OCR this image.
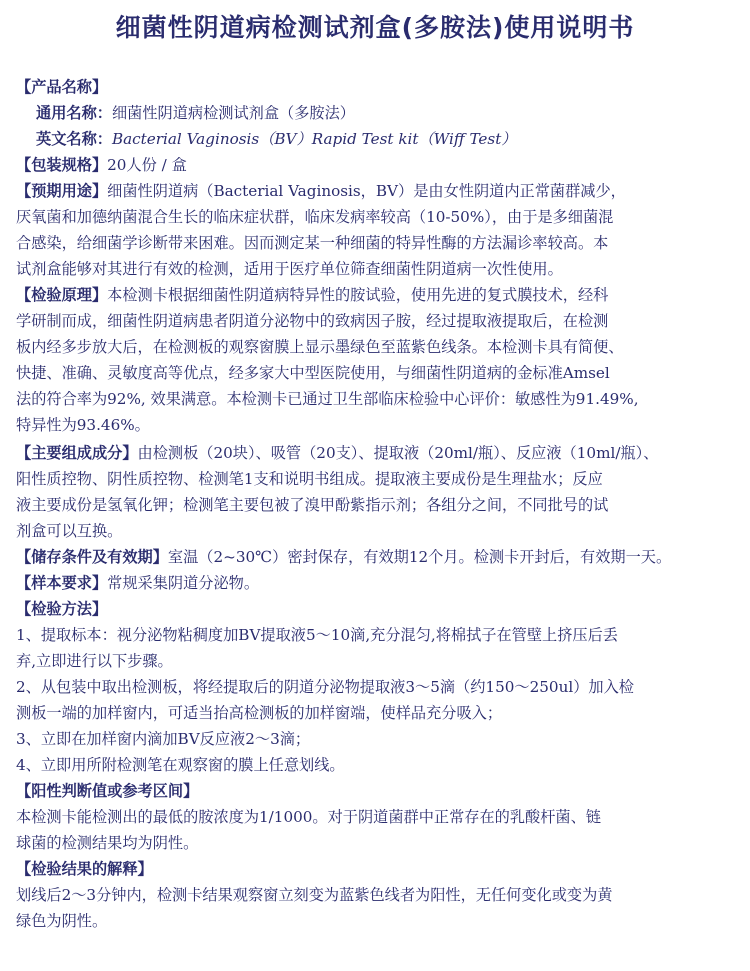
细菌性阴道病检测试剂盒(多胺法)使用说明书
【产品名称】
通用名称：细菌性阴道病检测试剂盒（多胺法）
英文名称：Bacterial Vaginosis（BV）Rapid Test kit（Wiff Test）
【包装规格】20人份 / 盒
【预期用途】细菌性阴道病（Bacterial Vaginosis，BV）是由女性阴道内正常菌群减少，
厌氧菌和加德纳菌混合生长的临床症状群，临床发病率较高（10-50%），由于是多细菌混
合感染，给细菌学诊断带来困难。因而测定某一种细菌的特异性酶的方法漏诊率较高。本
试剂盒能够对其进行有效的检测，适用于医疗单位筛查细菌性阴道病一次性使用。
【检验原理】本检测卡根据细菌性阴道病特异性的胺试验，使用先进的复式膜技术，经科
学研制而成，细菌性阴道病患者阴道分泌物中的致病因子胺，经过提取液提取后，在检测
板内经多步放大后，在检测板的观察窗膜上显示墨绿色至蓝紫色线条。本检测卡具有简便、
快捷、准确、灵敏度高等优点，经多家大中型医院使用，与细菌性阴道病的金标准Amsel
法的符合率为92%, 效果满意。本检测卡已通过卫生部临床检验中心评价：敏感性为91.49%,
特异性为93.46%。
【主要组成成分】由检测板（20块）、吸管（20支）、提取液（20ml/瓶）、反应液（10ml/瓶）、
阳性质控物、阴性质控物、检测笔1支和说明书组成。提取液主要成份是生理盐水；反应
液主要成份是氢氧化钾；检测笔主要包被了溴甲酚紫指示剂；各组分之间，不同批号的试
剂盒可以互换。
【储存条件及有效期】室温（2~30℃）密封保存，有效期12个月。检测卡开封后，有效期一天。
【样本要求】常规采集阴道分泌物。
【检验方法】
1、提取标本：视分泌物粘稠度加BV提取液5～10滴,充分混匀,将棉拭子在管壁上挤压后丢
弃,立即进行以下步骤。
2、从包装中取出检测板，将经提取后的阴道分泌物提取液3～5滴（约150～250ul）加入检
测板一端的加样窗内，可适当抬高检测板的加样窗端，使样品充分吸入；
3、立即在加样窗内滴加BV反应液2～3滴；
4、立即用所附检测笔在观察窗的膜上任意划线。
【阳性判断值或参考区间】
本检测卡能检测出的最低的胺浓度为1/1000。对于阴道菌群中正常存在的乳酸杆菌、链
球菌的检测结果均为阴性。
【检验结果的解释】
划线后2～3分钟内，检测卡结果观察窗立刻变为蓝紫色线者为阳性，无任何变化或变为黄
绿色为阴性。
